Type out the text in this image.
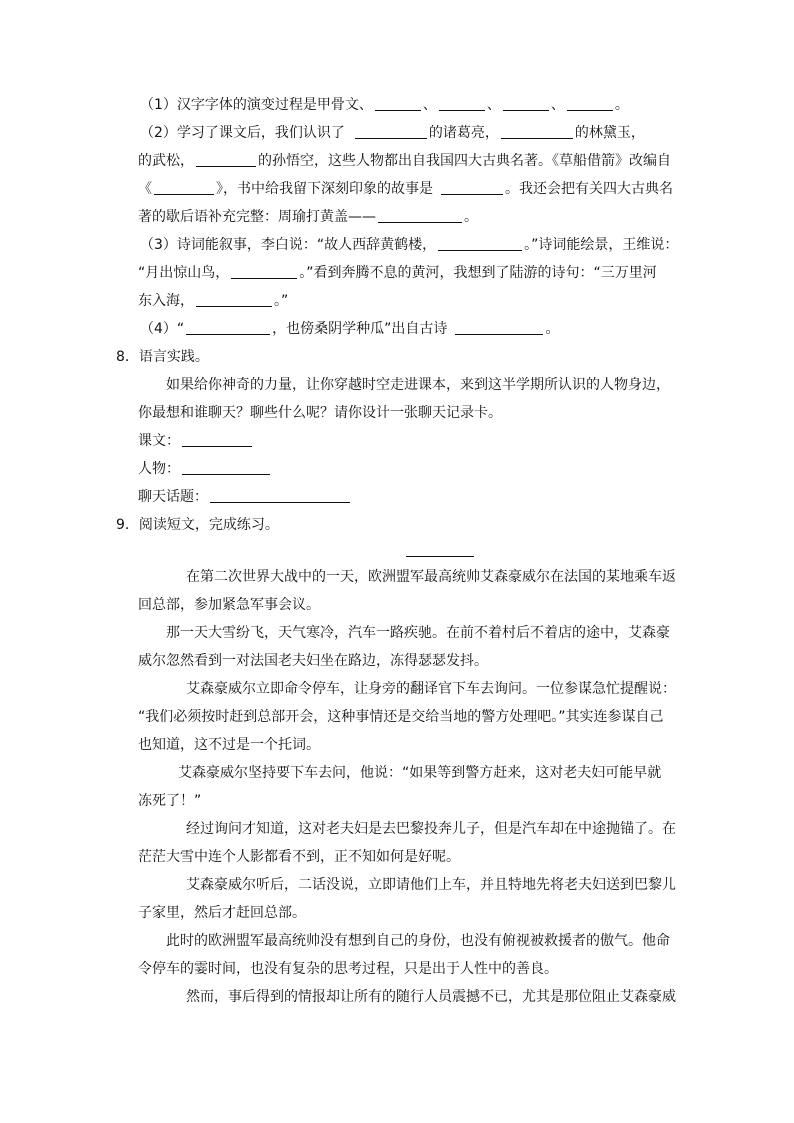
（1）汉字字体的演变过程是甲骨文、	、	、	、	。
（2）学习了课文后，我们认识了	的诸葛亮，	的林黛玉，
的武松，	的孙悟空，这些人物都出自我国四大古典名著。《草船借箭》改编自
《	》，书中给我留下深刻印象的故事是	。我还会把有关四大古典名
著的歇后语补充完整：周瑜打黄盖——	。
（3）诗词能叙事，李白说：“故人西辞黄鹤楼，	。”诗词能绘景，王维说：
“月出惊山鸟，	。”看到奔腾不息的黄河，我想到了陆游的诗句：“三万里河
东入海，	。”
（4）“	，也傍桑阴学种瓜”出自古诗	。
8．语言实践。
如果给你神奇的力量，让你穿越时空走进课本，来到这半学期所认识的人物身边，
你最想和谁聊天？聊些什么呢？请你设计一张聊天记录卡。
课文：
人物：
聊天话题：
9．阅读短文，完成练习。
在第二次世界大战中的一天，欧洲盟军最高统帅艾森豪威尔在法国的某地乘车返
回总部，参加紧急军事会议。
那一天大雪纷飞，天气寒冷，汽车一路疾驰。在前不着村后不着店的途中，艾森豪
威尔忽然看到一对法国老夫妇坐在路边，冻得瑟瑟发抖。
艾森豪威尔立即命令停车，让身旁的翻译官下车去询问。一位参谋急忙提醒说：
“我们必须按时赶到总部开会，这种事情还是交给当地的警方处理吧。”其实连参谋自己
也知道，这不过是一个托词。
艾森豪威尔坚持要下车去问，他说：“如果等到警方赶来，这对老夫妇可能早就
冻死了！”
经过询问才知道，这对老夫妇是去巴黎投奔儿子，但是汽车却在中途抛锚了。在
茫茫大雪中连个人影都看不到，正不知如何是好呢。
艾森豪威尔听后，二话没说，立即请他们上车，并且特地先将老夫妇送到巴黎儿
子家里，然后才赶回总部。
此时的欧洲盟军最高统帅没有想到自己的身份，也没有俯视被救援者的傲气。他命
令停车的霎时间，也没有复杂的思考过程，只是出于人性中的善良。
然而，事后得到的情报却让所有的随行人员震撼不已，尤其是那位阻止艾森豪威
